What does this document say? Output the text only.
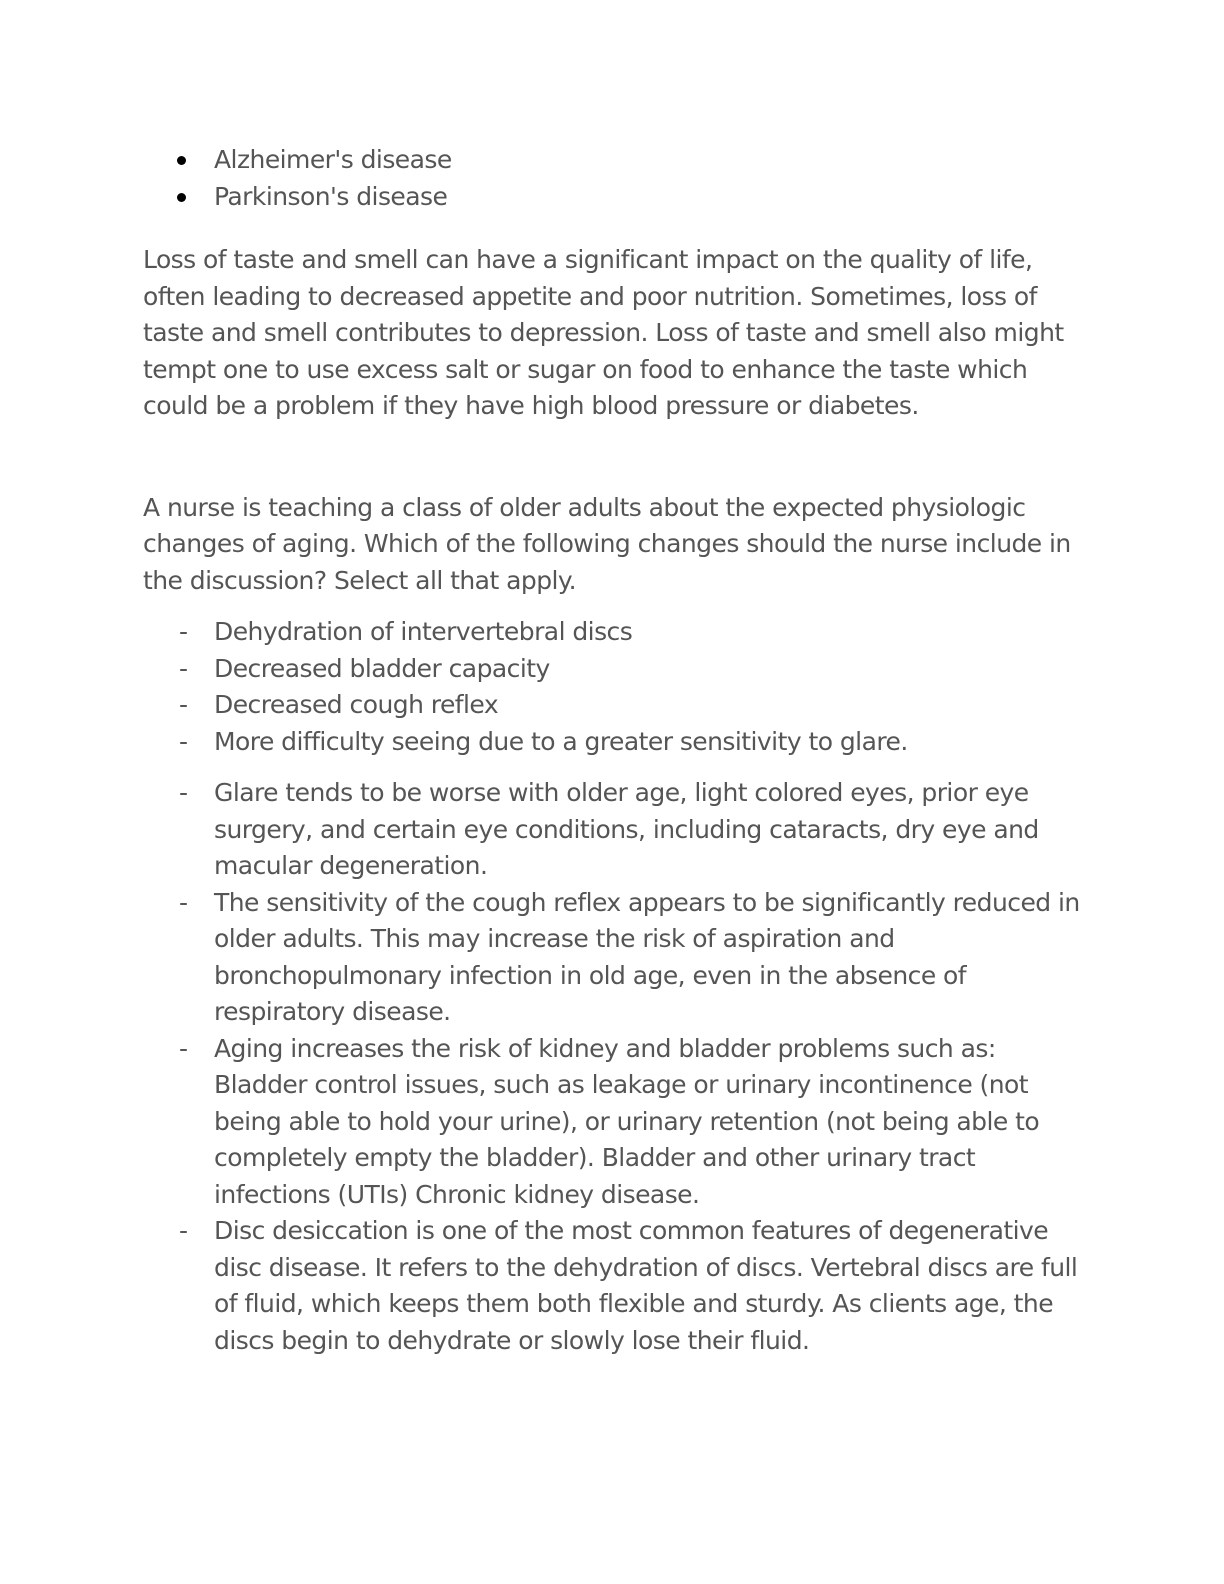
Alzheimer's disease
Parkinson's disease

Loss of taste and smell can have a significant impact on the quality of life, often leading to decreased appetite and poor nutrition. Sometimes, loss of taste and smell contributes to depression. Loss of taste and smell also might tempt one to use excess salt or sugar on food to enhance the taste which could be a problem if they have high blood pressure or diabetes.

A nurse is teaching a class of older adults about the expected physiologic changes of aging. Which of the following changes should the nurse include in the discussion? Select all that apply.

- Dehydration of intervertebral discs
- Decreased bladder capacity
- Decreased cough reflex
- More difficulty seeing due to a greater sensitivity to glare.
- Glare tends to be worse with older age, light colored eyes, prior eye surgery, and certain eye conditions, including cataracts, dry eye and macular degeneration.
- The sensitivity of the cough reflex appears to be significantly reduced in older adults. This may increase the risk of aspiration and bronchopulmonary infection in old age, even in the absence of respiratory disease.
- Aging increases the risk of kidney and bladder problems such as: Bladder control issues, such as leakage or urinary incontinence (not being able to hold your urine), or urinary retention (not being able to completely empty the bladder). Bladder and other urinary tract infections (UTIs) Chronic kidney disease.
- Disc desiccation is one of the most common features of degenerative disc disease. It refers to the dehydration of discs. Vertebral discs are full of fluid, which keeps them both flexible and sturdy. As clients age, the discs begin to dehydrate or slowly lose their fluid.
